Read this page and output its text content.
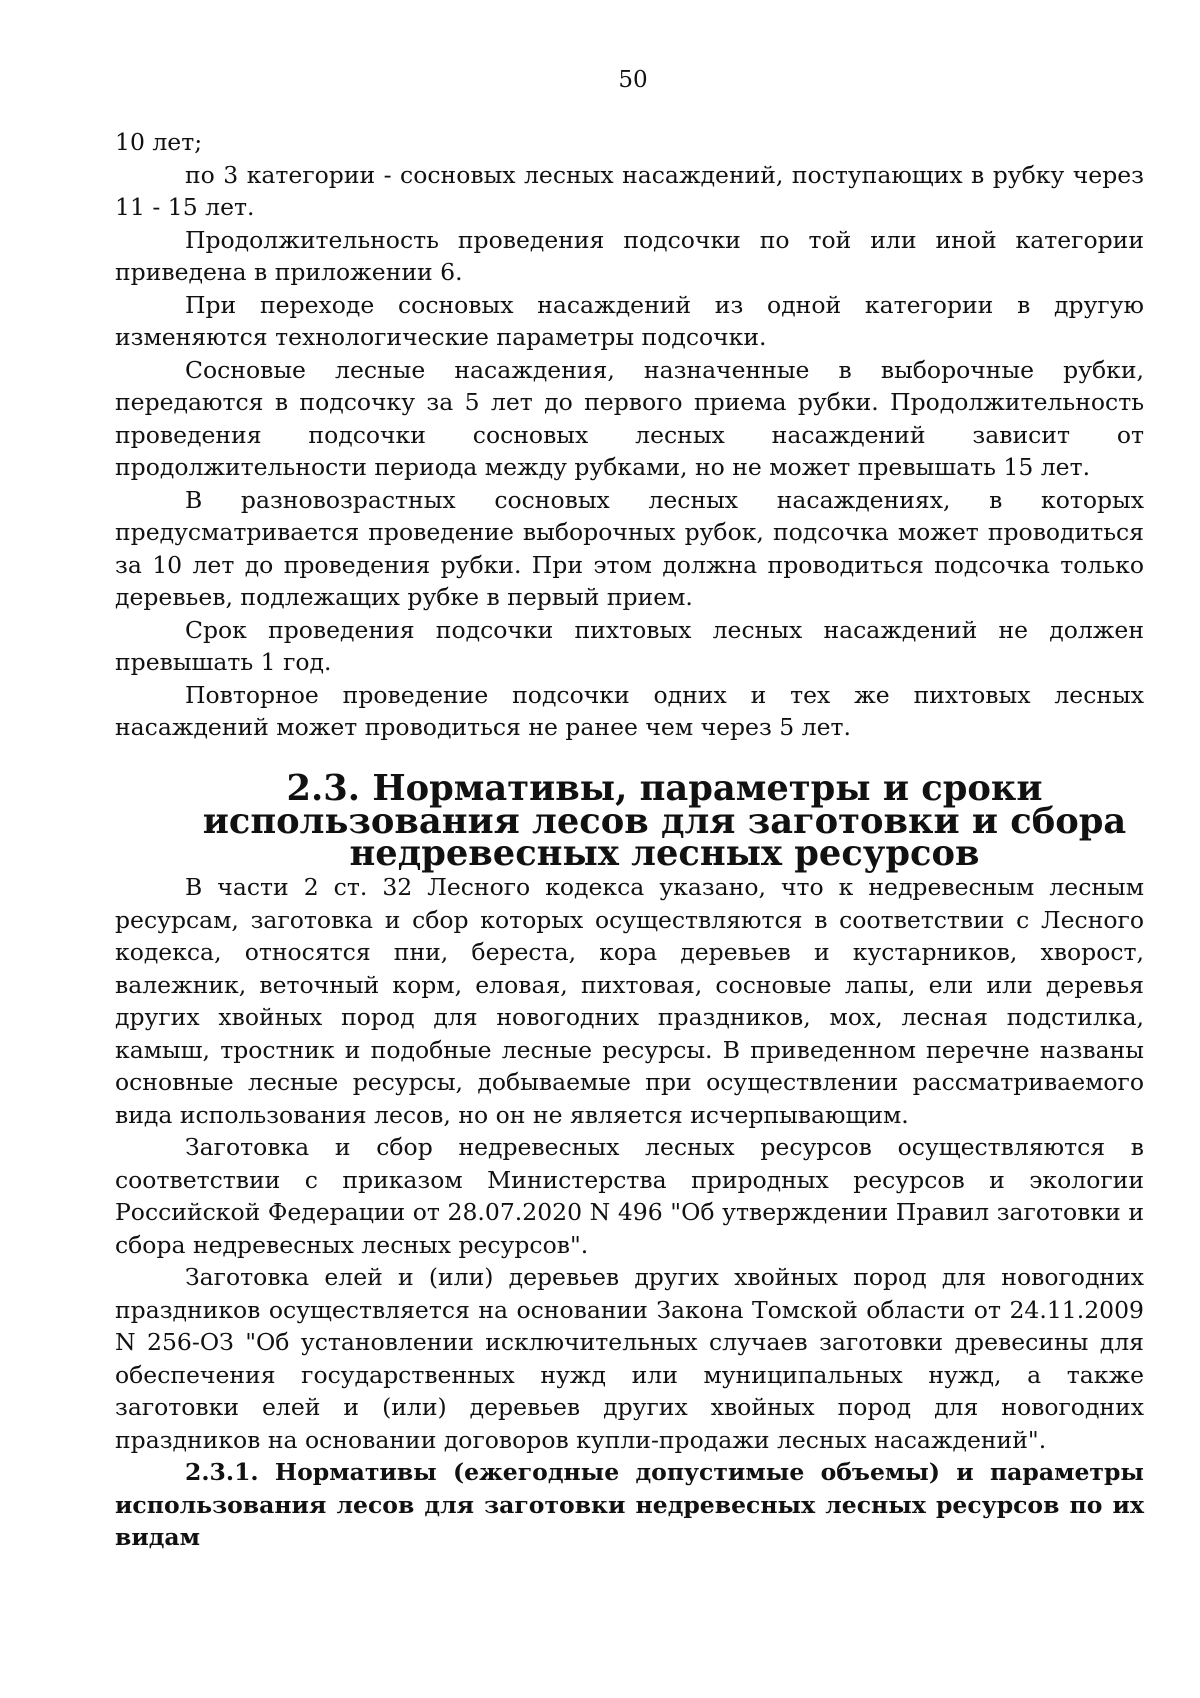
50

10 лет;

по 3 категории - сосновых лесных насаждений, поступающих в рубку через 11 - 15 лет.

Продолжительность проведения подсочки по той или иной категории приведена в приложении 6.

При переходе сосновых насаждений из одной категории в другую изменяются технологические параметры подсочки.

Сосновые лесные насаждения, назначенные в выборочные рубки, передаются в подсочку за 5 лет до первого приема рубки. Продолжительность проведения подсочки сосновых лесных насаждений зависит от продолжительности периода между рубками, но не может превышать 15 лет.

В разновозрастных сосновых лесных насаждениях, в которых предусматривается проведение выборочных рубок, подсочка может проводиться за 10 лет до проведения рубки. При этом должна проводиться подсочка только деревьев, подлежащих рубке в первый прием.

Срок проведения подсочки пихтовых лесных насаждений не должен превышать 1 год.

Повторное проведение подсочки одних и тех же пихтовых лесных насаждений может проводиться не ранее чем через 5 лет.

2.3. Нормативы, параметры и сроки использования лесов для заготовки и сбора недревесных лесных ресурсов

В части 2 ст. 32 Лесного кодекса указано, что к недревесным лесным ресурсам, заготовка и сбор которых осуществляются в соответствии с Лесного кодекса, относятся пни, береста, кора деревьев и кустарников, хворост, валежник, веточный корм, еловая, пихтовая, сосновые лапы, ели или деревья других хвойных пород для новогодних праздников, мох, лесная подстилка, камыш, тростник и подобные лесные ресурсы. В приведенном перечне названы основные лесные ресурсы, добываемые при осуществлении рассматриваемого вида использования лесов, но он не является исчерпывающим.

Заготовка и сбор недревесных лесных ресурсов осуществляются в соответствии с приказом Министерства природных ресурсов и экологии Российской Федерации от 28.07.2020 N 496 "Об утверждении Правил заготовки и сбора недревесных лесных ресурсов".

Заготовка елей и (или) деревьев других хвойных пород для новогодних праздников осуществляется на основании Закона Томской области от 24.11.2009 N 256-ОЗ "Об установлении исключительных случаев заготовки древесины для обеспечения государственных нужд или муниципальных нужд, а также заготовки елей и (или) деревьев других хвойных пород для новогодних праздников на основании договоров купли-продажи лесных насаждений".

2.3.1. Нормативы (ежегодные допустимые объемы) и параметры использования лесов для заготовки недревесных лесных ресурсов по их видам
